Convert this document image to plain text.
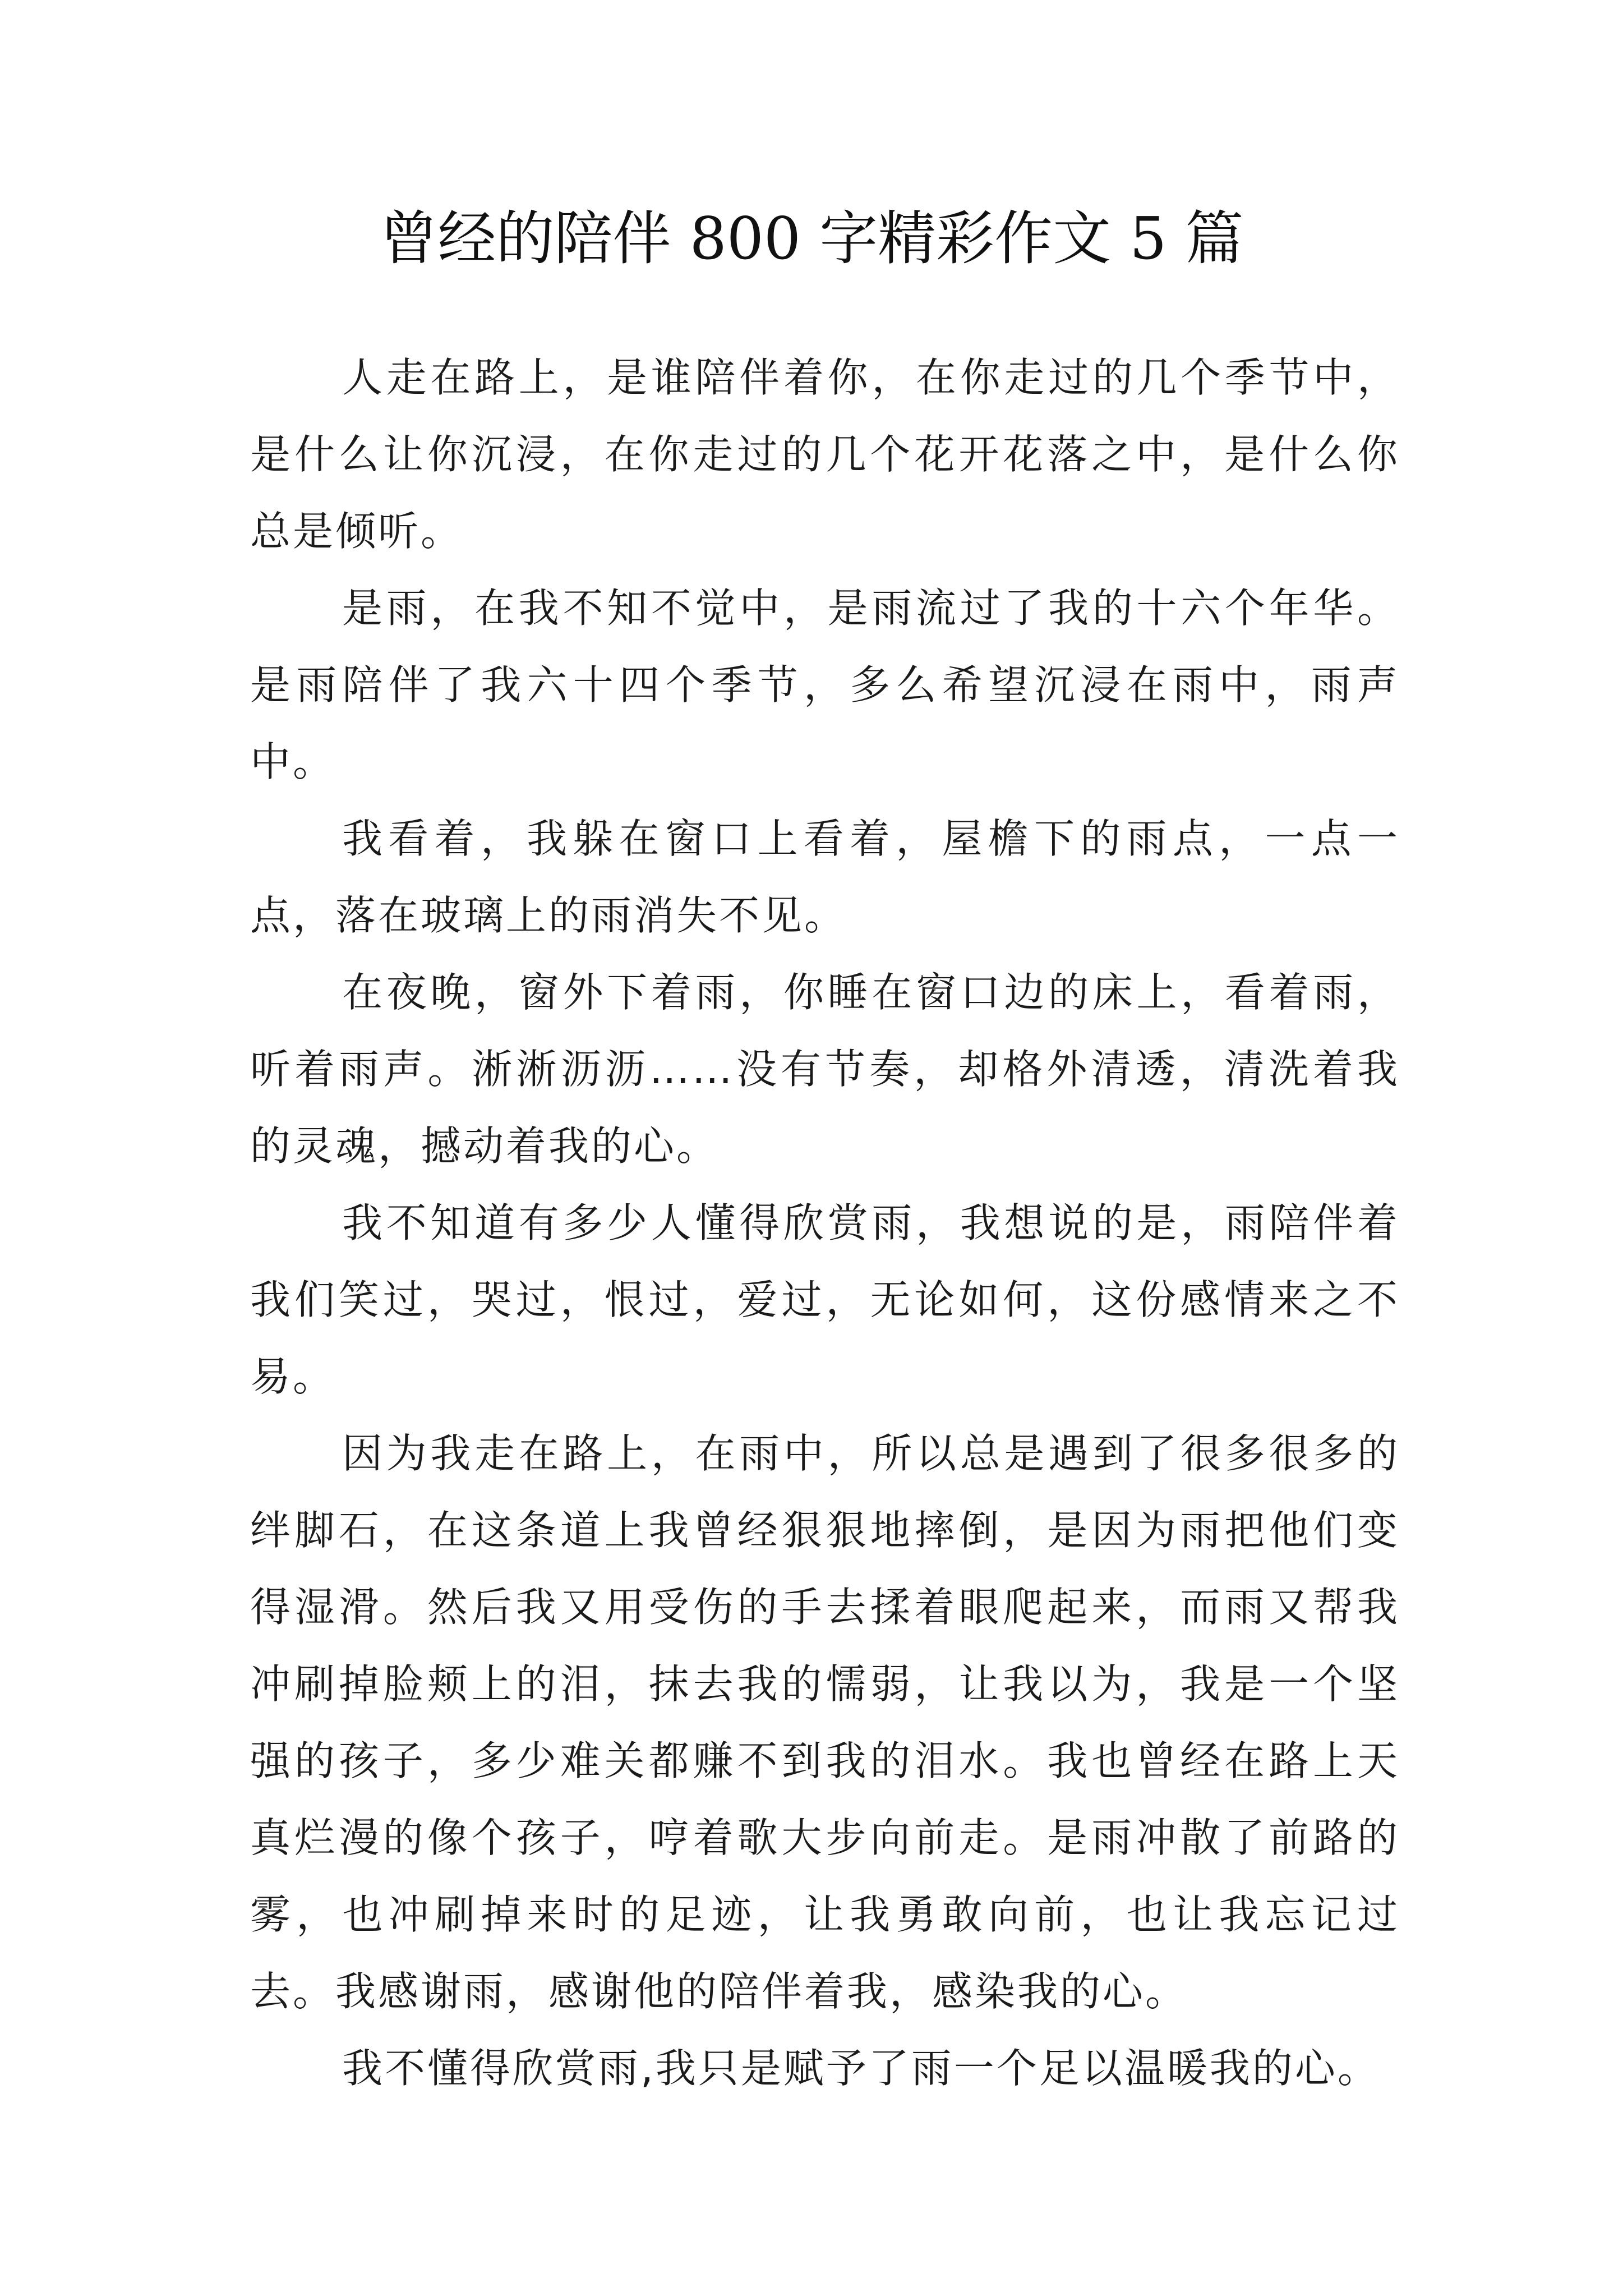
曾经的陪伴 800 字精彩作文 5 篇

人走在路上，是谁陪伴着你，在你走过的几个季节中，是什么让你沉浸，在你走过的几个花开花落之中，是什么你总是倾听。

是雨，在我不知不觉中，是雨流过了我的十六个年华。是雨陪伴了我六十四个季节，多么希望沉浸在雨中，雨声中。

我看着，我躲在窗口上看着，屋檐下的雨点，一点一点，落在玻璃上的雨消失不见。

在夜晚，窗外下着雨，你睡在窗口边的床上，看着雨，听着雨声。淅淅沥沥……没有节奏，却格外清透，清洗着我的灵魂，撼动着我的心。

我不知道有多少人懂得欣赏雨，我想说的是，雨陪伴着我们笑过，哭过，恨过，爱过，无论如何，这份感情来之不易。

因为我走在路上，在雨中，所以总是遇到了很多很多的绊脚石，在这条道上我曾经狠狠地摔倒，是因为雨把他们变得湿滑。然后我又用受伤的手去揉着眼爬起来，而雨又帮我冲刷掉脸颊上的泪，抹去我的懦弱，让我以为，我是一个坚强的孩子，多少难关都赚不到我的泪水。我也曾经在路上天真烂漫的像个孩子，哼着歌大步向前走。是雨冲散了前路的雾，也冲刷掉来时的足迹，让我勇敢向前，也让我忘记过去。我感谢雨，感谢他的陪伴着我，感染我的心。

我不懂得欣赏雨,我只是赋予了雨一个足以温暖我的心。
